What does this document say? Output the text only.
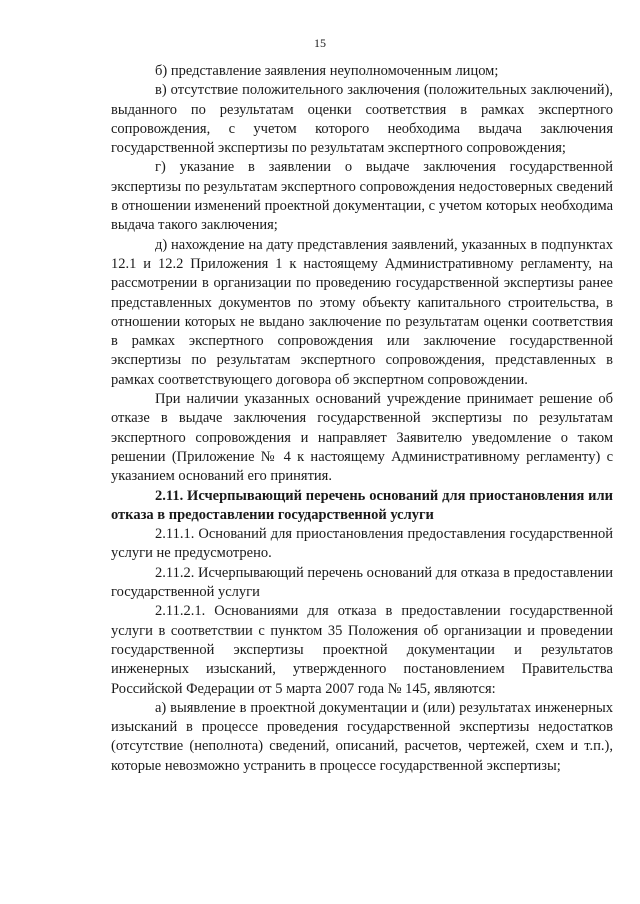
15

б) представление заявления неуполномоченным лицом;

в) отсутствие положительного заключения (положительных заключений), выданного по результатам оценки соответствия в рамках экспертного сопровождения, с учетом которого необходима выдача заключения государственной экспертизы по результатам экспертного сопровождения;

г) указание в заявлении о выдаче заключения государственной экспертизы по результатам экспертного сопровождения недостоверных сведений в отношении изменений проектной документации, с учетом которых необходима выдача такого заключения;

д) нахождение на дату представления заявлений, указанных в подпунктах 12.1 и 12.2 Приложения 1 к настоящему Административному регламенту, на рассмотрении в организации по проведению государственной экспертизы ранее представленных документов по этому объекту капитального строительства, в отношении которых не выдано заключение по результатам оценки соответствия в рамках экспертного сопровождения или заключение государственной экспертизы по результатам экспертного сопровождения, представленных в рамках соответствующего договора об экспертном сопровождении.

При наличии указанных оснований учреждение принимает решение об отказе в выдаче заключения государственной экспертизы по результатам экспертного сопровождения и направляет Заявителю уведомление о таком решении (Приложение № 4 к настоящему Административному регламенту) с указанием оснований его принятия.

2.11. Исчерпывающий перечень оснований для приостановления или отказа в предоставлении государственной услуги

2.11.1. Оснований для приостановления предоставления государственной услуги не предусмотрено.

2.11.2. Исчерпывающий перечень оснований для отказа в предоставлении государственной услуги

2.11.2.1. Основаниями для отказа в предоставлении государственной услуги в соответствии с пунктом 35 Положения об организации и проведении государственной экспертизы проектной документации и результатов инженерных изысканий, утвержденного постановлением Правительства Российской Федерации от 5 марта 2007 года № 145, являются:

а) выявление в проектной документации и (или) результатах инженерных изысканий в процессе проведения государственной экспертизы недостатков (отсутствие (неполнота) сведений, описаний, расчетов, чертежей, схем и т.п.), которые невозможно устранить в процессе государственной экспертизы;
